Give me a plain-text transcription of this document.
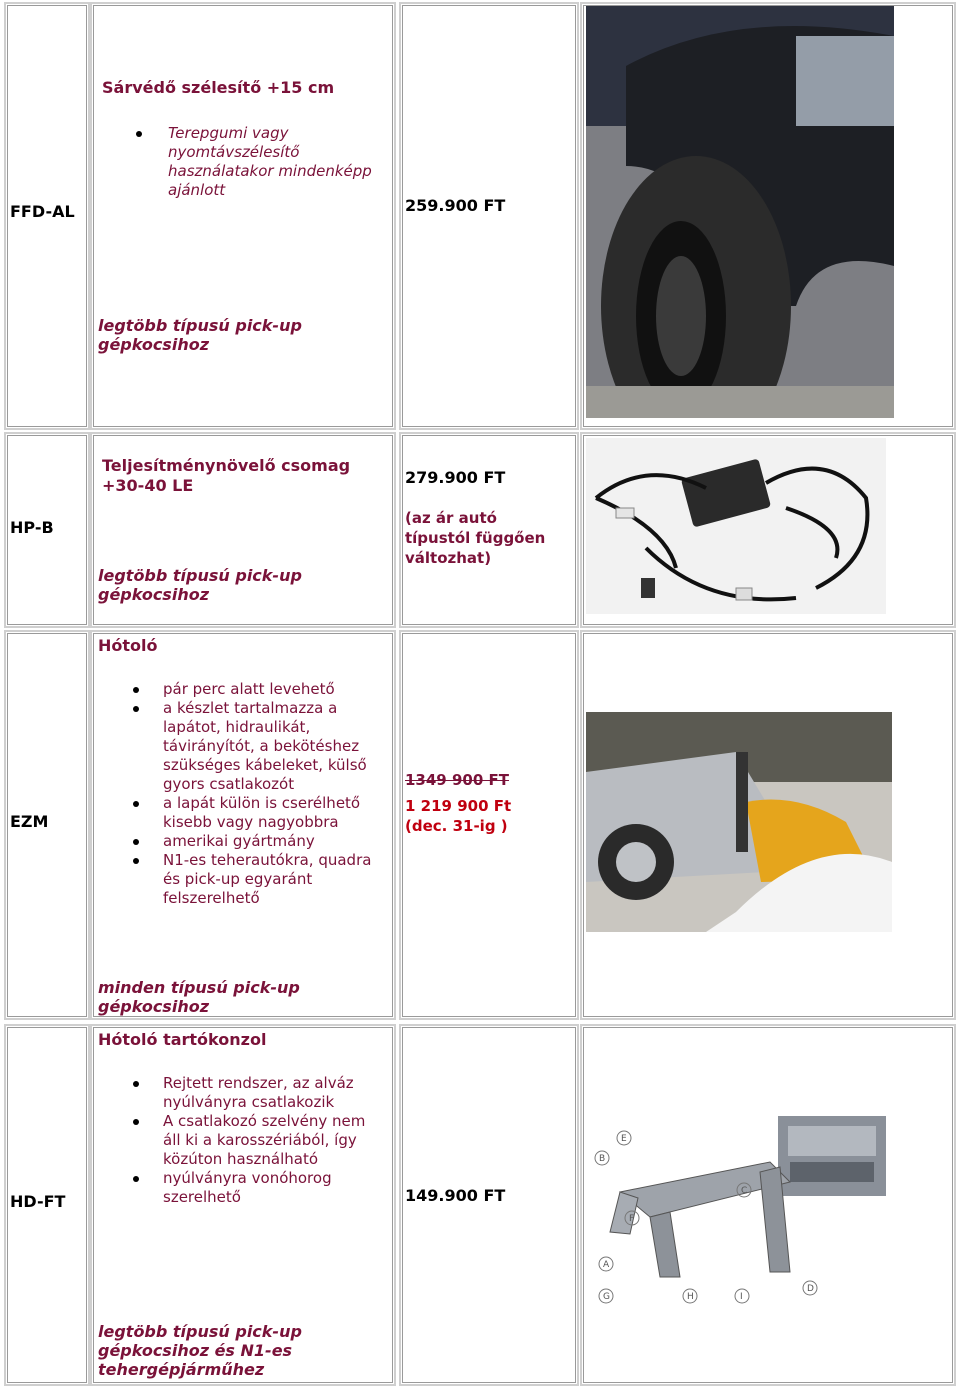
FFD-AL
Sárvédő szélesítő +15 cm
Terepgumi vagy nyomtávszélesítő használatakor mindenképp ajánlott
legtöbb típusú pick-up gépkocsihoz
259.900 FT
HP-B
Teljesítménynövelő csomag +30-40 LE
legtöbb típusú pick-up gépkocsihoz
279.900 FT
(az ár autó típustól függően változhat)
EZM
Hótoló
pár perc alatt levehető
a készlet tartalmazza a lapátot, hidraulikát, távirányítót, a bekötéshez szükséges kábeleket, külső gyors csatlakozót
a lapát külön is cserélhető kisebb vagy nagyobbra
amerikai gyártmány
N1-es teherautókra, quadra és pick-up egyaránt felszerelhető
minden típusú pick-up gépkocsihoz
1349 900 FT
1 219 900 Ft
(dec. 31-ig )
HD-FT
Hótoló tartókonzol
Rejtett rendszer, az alváz nyúlványra csatlakozik
A csatlakozó szelvény nem áll ki a karosszériából, így közúton használható
nyúlványra vonóhorog szerelhető
legtöbb típusú pick-up gépkocsihoz és N1-es tehergépjárműhez
149.900 FT
E
B
C
F
A
G	H	I
D
